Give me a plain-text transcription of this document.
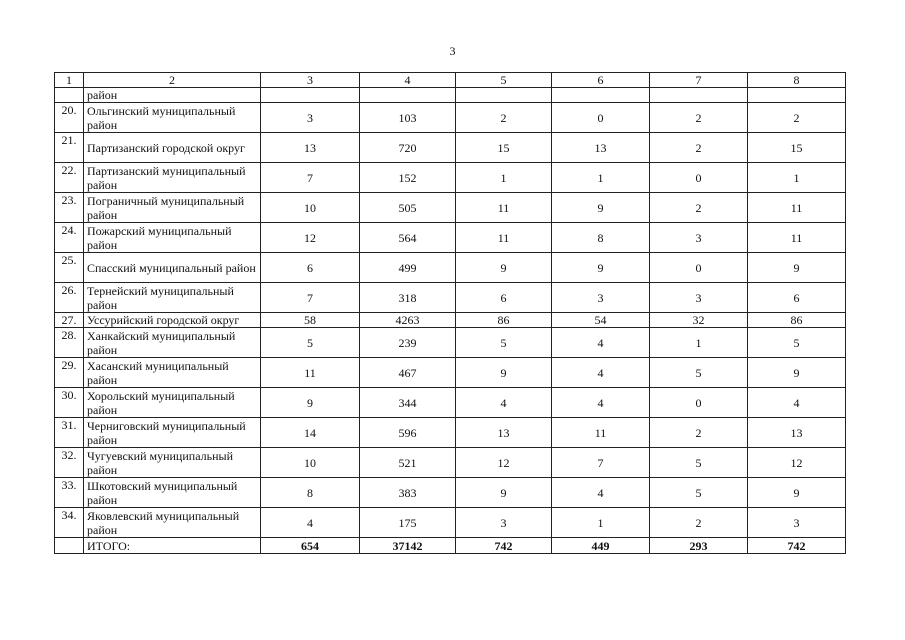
3
1	2	3	4	5	6	7	8
	район						
20.	Ольгинский муниципальный район	3	103	2	0	2	2
21.	Партизанский городской округ	13	720	15	13	2	15
22.	Партизанский муниципальный район	7	152	1	1	0	1
23.	Пограничный муниципальный район	10	505	11	9	2	11
24.	Пожарский муниципальный район	12	564	11	8	3	11
25.	Спасский муниципальный район	6	499	9	9	0	9
26.	Тернейский муниципальный район	7	318	6	3	3	6
27.	Уссурийский городской округ	58	4263	86	54	32	86
28.	Ханкайский муниципальный район	5	239	5	4	1	5
29.	Хасанский муниципальный район	11	467	9	4	5	9
30.	Хорольский муниципальный район	9	344	4	4	0	4
31.	Черниговский муниципальный район	14	596	13	11	2	13
32.	Чугуевский муниципальный район	10	521	12	7	5	12
33.	Шкотовский муниципальный район	8	383	9	4	5	9
34.	Яковлевский муниципальный район	4	175	3	1	2	3
	ИТОГО:	654	37142	742	449	293	742
